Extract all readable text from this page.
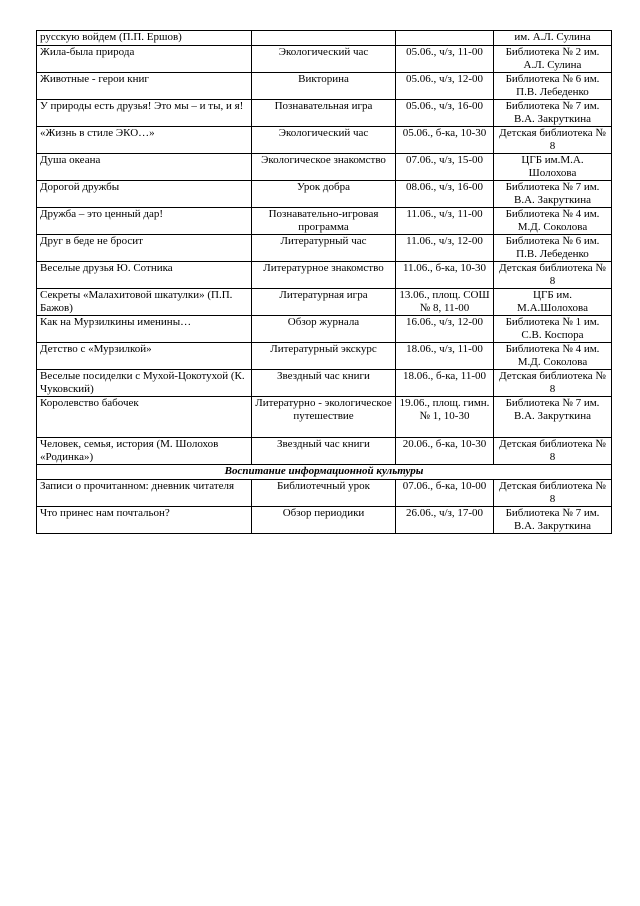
русскую войдем (П.П. Ершов)			им. А.Л. Сулина
Жила-была природа	Экологический час	05.06., ч/з, 11-00	Библиотека № 2 им. А.Л. Сулина
Животные - герои книг	Викторина	05.06., ч/з, 12-00	Библиотека № 6 им. П.В. Лебеденко
У природы есть друзья! Это мы – и ты, и я!	Познавательная игра	05.06., ч/з, 16-00	Библиотека № 7 им. В.А. Закруткина
«Жизнь в стиле ЭКО…»	Экологический час	05.06., б-ка, 10-30	Детская библиотека № 8
Душа океана	Экологическое знакомство	07.06., ч/з, 15-00	ЦГБ им.М.А. Шолохова
Дорогой дружбы	Урок добра	08.06., ч/з, 16-00	Библиотека № 7 им. В.А. Закруткина
Дружба – это ценный дар!	Познавательно-игровая программа	11.06., ч/з, 11-00	Библиотека № 4 им. М.Д. Соколова
Друг в беде не бросит	Литературный час	11.06., ч/з, 12-00	Библиотека № 6 им. П.В. Лебеденко
Веселые друзья Ю. Сотника	Литературное знакомство	11.06., б-ка, 10-30	Детская библиотека № 8
Секреты «Малахитовой шкатулки» (П.П. Бажов)	Литературная игра	13.06., площ. СОШ № 8, 11-00	ЦГБ им. М.А.Шолохова
Как на Мурзилкины именины…	Обзор журнала	16.06., ч/з, 12-00	Библиотека № 1 им. С.В. Коспора
Детство с «Мурзилкой»	Литературный экскурс	18.06., ч/з, 11-00	Библиотека № 4 им. М.Д. Соколова
Веселые посиделки с Мухой-Цокотухой (К. Чуковский)	Звездный час книги	18.06., б-ка, 11-00	Детская библиотека № 8
Королевство бабочек	Литературно - экологическое путешествие	19.06., площ. гимн. № 1, 10-30	Библиотека № 7 им. В.А. Закруткина
Человек, семья, история (М. Шолохов «Родинка»)	Звездный час книги	20.06., б-ка, 10-30	Детская библиотека № 8
Воспитание информационной культуры			
Записи о прочитанном: дневник читателя	Библиотечный урок	07.06., б-ка, 10-00	Детская библиотека № 8
Что принес нам почтальон?	Обзор периодики	26.06., ч/з, 17-00	Библиотека № 7 им. В.А. Закруткина
